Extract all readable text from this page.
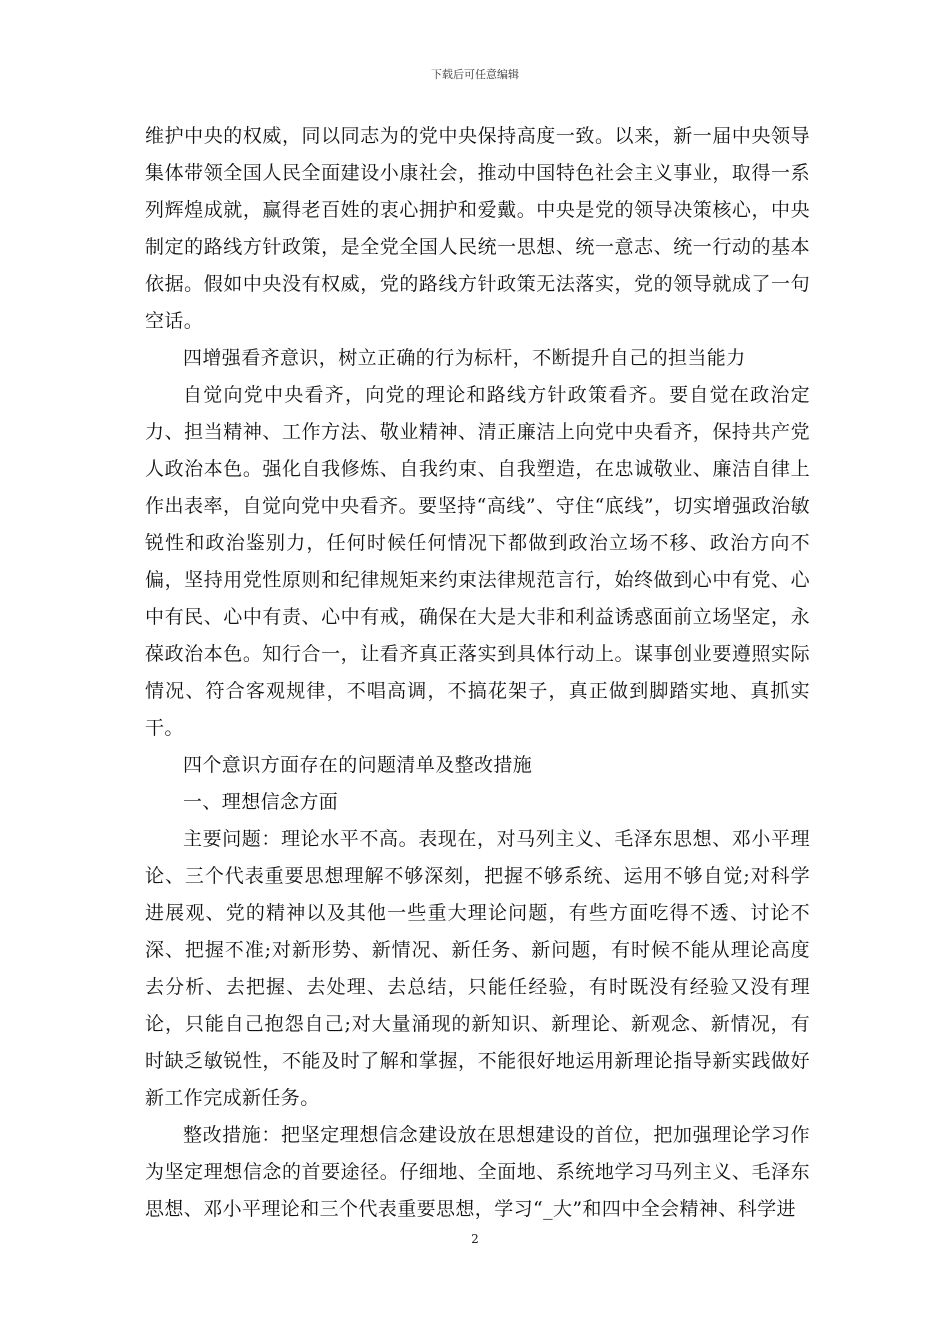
下载后可任意编辑

维护中央的权威，同以同志为的党中央保持高度一致。以来，新一届中央领导集体带领全国人民全面建设小康社会，推动中国特色社会主义事业，取得一系列辉煌成就，赢得老百姓的衷心拥护和爱戴。中央是党的领导决策核心，中央制定的路线方针政策，是全党全国人民统一思想、统一意志、统一行动的基本依据。假如中央没有权威，党的路线方针政策无法落实，党的领导就成了一句空话。

四增强看齐意识，树立正确的行为标杆，不断提升自己的担当能力

自觉向党中央看齐，向党的理论和路线方针政策看齐。要自觉在政治定力、担当精神、工作方法、敬业精神、清正廉洁上向党中央看齐，保持共产党人政治本色。强化自我修炼、自我约束、自我塑造，在忠诚敬业、廉洁自律上作出表率，自觉向党中央看齐。要坚持“高线”、守住“底线”，切实增强政治敏锐性和政治鉴别力，任何时候任何情况下都做到政治立场不移、政治方向不偏，坚持用党性原则和纪律规矩来约束法律规范言行，始终做到心中有党、心中有民、心中有责、心中有戒，确保在大是大非和利益诱惑面前立场坚定，永葆政治本色。知行合一，让看齐真正落实到具体行动上。谋事创业要遵照实际情况、符合客观规律，不唱高调，不搞花架子，真正做到脚踏实地、真抓实干。

四个意识方面存在的问题清单及整改措施

一、理想信念方面

主要问题：理论水平不高。表现在，对马列主义、毛泽东思想、邓小平理论、三个代表重要思想理解不够深刻，把握不够系统、运用不够自觉;对科学进展观、党的精神以及其他一些重大理论问题，有些方面吃得不透、讨论不深、把握不准;对新形势、新情况、新任务、新问题，有时候不能从理论高度去分析、去把握、去处理、去总结，只能任经验，有时既没有经验又没有理论，只能自己抱怨自己;对大量涌现的新知识、新理论、新观念、新情况，有时缺乏敏锐性，不能及时了解和掌握，不能很好地运用新理论指导新实践做好新工作完成新任务。

整改措施：把坚定理想信念建设放在思想建设的首位，把加强理论学习作为坚定理想信念的首要途径。仔细地、全面地、系统地学习马列主义、毛泽东思想、邓小平理论和三个代表重要思想，学习“_大”和四中全会精神、科学进

2
